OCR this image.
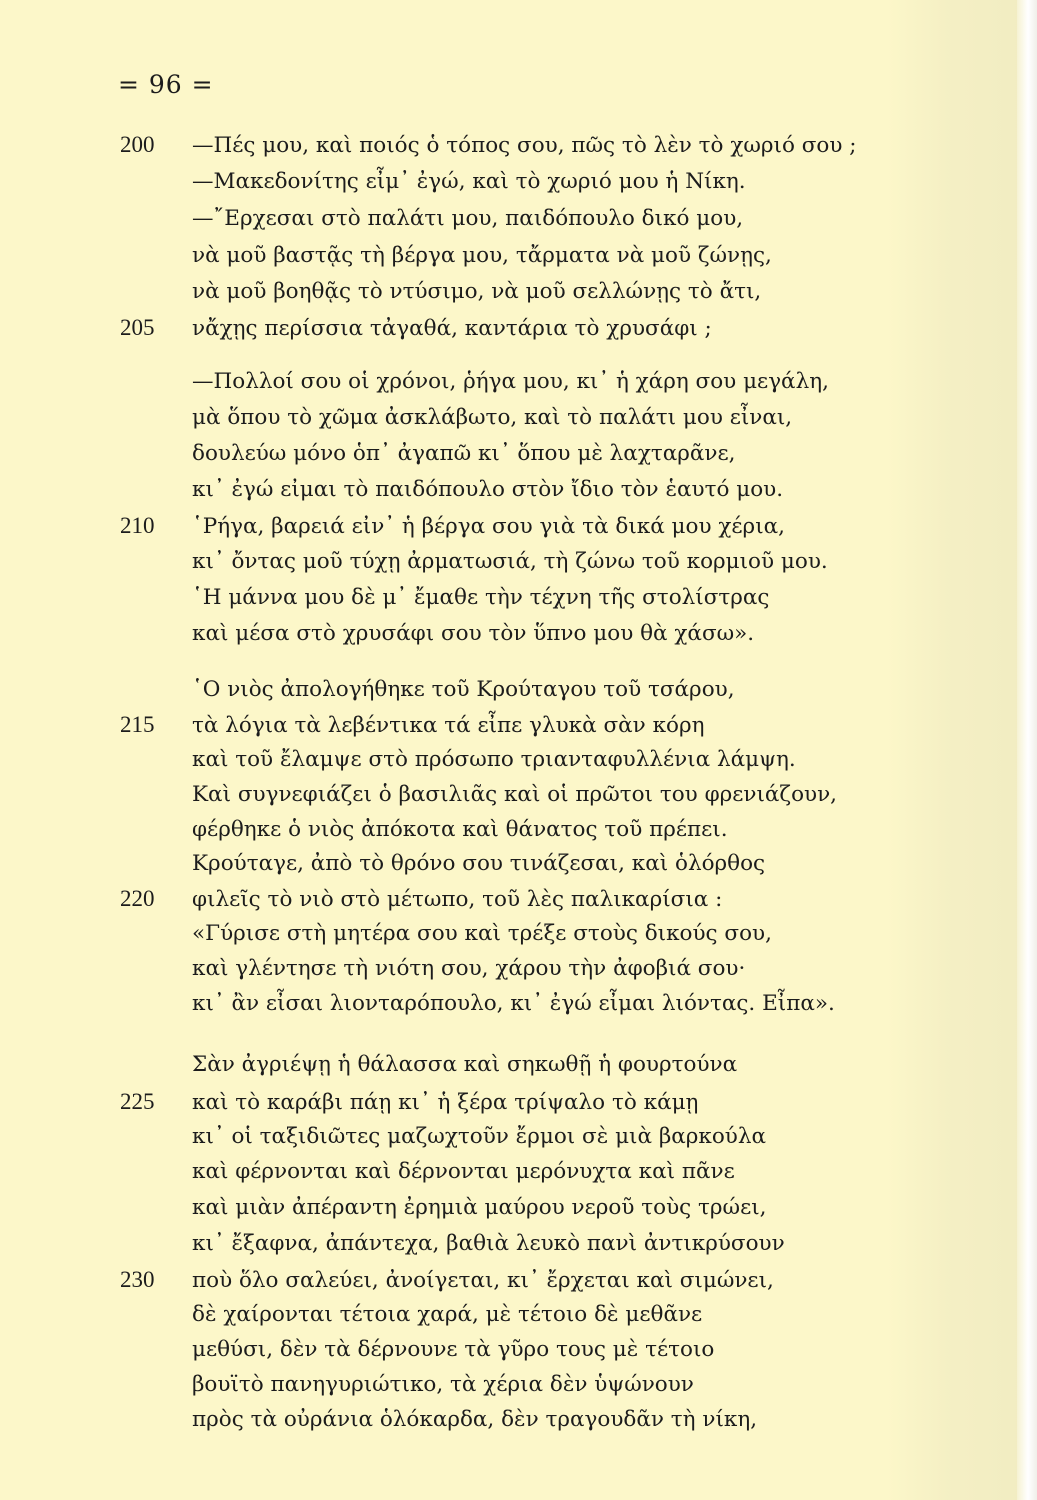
= 96 =
200 —Πές μου, καὶ ποιός ὁ τόπος σου, πῶς τὸ λὲν τὸ χωριό σου ;
—Μακεδονίτης εἶμ᾿ ἐγώ, καὶ τὸ χωριό μου ἡ Νίκη.
—῎Ερχεσαι στὸ παλάτι μου, παιδόπουλο δικό μου,
νὰ μοῦ βαστᾷς τὴ βέργα μου, τἄρματα νὰ μοῦ ζώνῃς,
νὰ μοῦ βοηθᾷς τὸ ντύσιμο, νὰ μοῦ σελλώνῃς τὸ ἄτι,
205 νἄχῃς περίσσια τἀγαθά, καντάρια τὸ χρυσάφι ;
—Πολλοί σου οἱ χρόνοι, ῥήγα μου, κι᾿ ἡ χάρη σου μεγάλη,
μὰ ὅπου τὸ χῶμα ἀσκλάβωτο, καὶ τὸ παλάτι μου εἶναι,
δουλεύω μόνο ὁπ᾿ ἀγαπῶ κι᾿ ὅπου μὲ λαχταρᾶνε,
κι᾿ ἐγώ εἰμαι τὸ παιδόπουλο στὸν ἴδιο τὸν ἑαυτό μου.
210 ῾Ρήγα, βαρειά εἰν᾿ ἡ βέργα σου γιὰ τὰ δικά μου χέρια,
κι᾿ ὄντας μοῦ τύχῃ ἀρματωσιά, τὴ ζώνω τοῦ κορμιοῦ μου.
῾Η μάννα μου δὲ μ᾿ ἔμαθε τὴν τέχνη τῆς στολίστρας
καὶ μέσα στὸ χρυσάφι σου τὸν ὕπνο μου θὰ χάσω».
῾Ο νιὸς ἀπολογήθηκε τοῦ Κρούταγου τοῦ τσάρου,
215 τὰ λόγια τὰ λεβέντικα τά εἶπε γλυκὰ σὰν κόρη
καὶ τοῦ ἔλαμψε στὸ πρόσωπο τριανταφυλλένια λάμψη.
Καὶ συγνεφιάζει ὁ βασιλιᾶς καὶ οἱ πρῶτοι του φρενιάζουν,
φέρθηκε ὁ νιὸς ἀπόκοτα καὶ θάνατος τοῦ πρέπει.
Κρούταγε, ἀπὸ τὸ θρόνο σου τινάζεσαι, καὶ ὁλόρθος
220 φιλεῖς τὸ νιὸ στὸ μέτωπο, τοῦ λὲς παλικαρίσια :
«Γύρισε στὴ μητέρα σου καὶ τρέξε στοὺς δικούς σου,
καὶ γλέντησε τὴ νιότη σου, χάρου τὴν ἀφοβιά σου·
κι᾿ ἂν εἶσαι λιονταρόπουλο, κι᾿ ἐγώ εἶμαι λιόντας. Εἶπα».
Σὰν ἀγριέψῃ ἡ θάλασσα καὶ σηκωθῇ ἡ φουρτούνα
225 καὶ τὸ καράβι πάῃ κι᾿ ἡ ξέρα τρίψαλο τὸ κάμῃ
κι᾿ οἱ ταξιδιῶτες μαζωχτοῦν ἔρμοι σὲ μιὰ βαρκούλα
καὶ φέρνονται καὶ δέρνονται μερόνυχτα καὶ πᾶνε
καὶ μιὰν ἀπέραντη ἐρημιὰ μαύρου νεροῦ τοὺς τρώει,
κι᾿ ἔξαφνα, ἀπάντεχα, βαθιὰ λευκὸ πανὶ ἀντικρύσουν
230 ποὺ ὅλο σαλεύει, ἀνοίγεται, κι᾿ ἔρχεται καὶ σιμώνει,
δὲ χαίρονται τέτοια χαρά, μὲ τέτοιο δὲ μεθᾶνε
μεθύσι, δὲν τὰ δέρνουνε τὰ γῦρο τους μὲ τέτοιο
βουϊτὸ πανηγυριώτικο, τὰ χέρια δὲν ὑψώνουν
πρὸς τὰ οὐράνια ὁλόκαρδα, δὲν τραγουδᾶν τὴ νίκη,
